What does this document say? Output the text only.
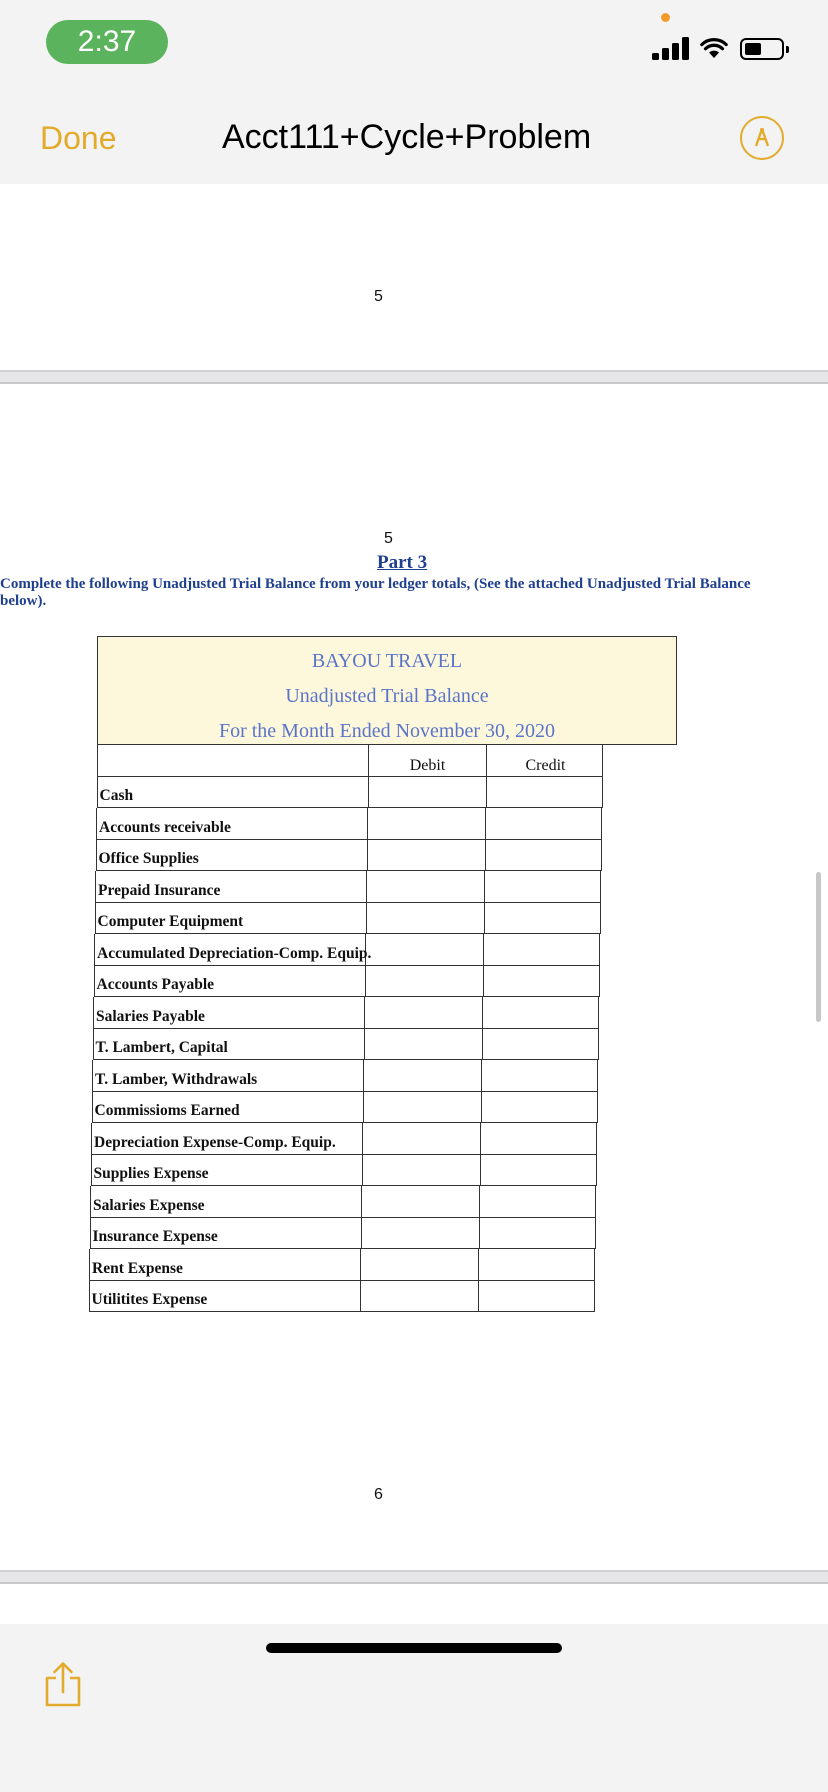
2:37
Done	Acct111+Cycle+Problem
5
5
Part 3
Complete the following Unadjusted Trial Balance from your ledger totals, (See the attached Unadjusted Trial Balance below).
BAYOU TRAVEL
Unadjusted Trial Balance
For the Month Ended November 30, 2020
Debit	Credit
Cash
Accounts receivable
Office Supplies
Prepaid Insurance
Computer Equipment
Accumulated Depreciation-Comp. Equip.
Accounts Payable
Salaries Payable
T. Lambert, Capital
T. Lamber, Withdrawals
Commissioms Earned
Depreciation Expense-Comp. Equip.
Supplies Expense
Salaries Expense
Insurance Expense
Rent Expense
Utilitites Expense
6
